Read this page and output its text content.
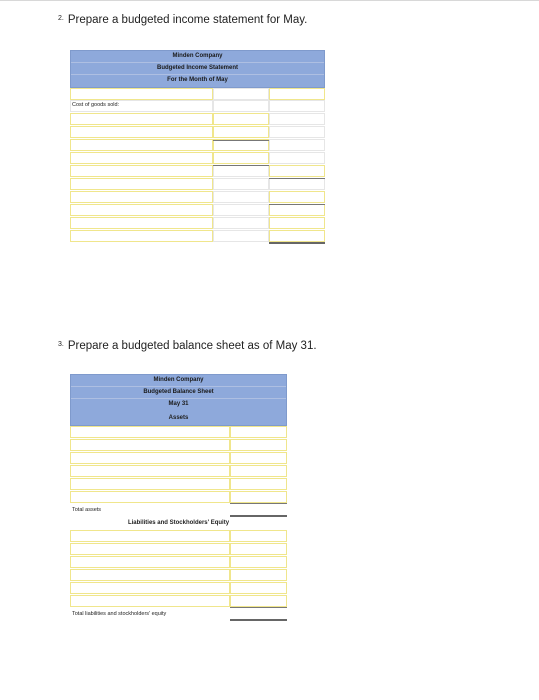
$^{2.}$ Prepare a budgeted income statement for May.
Minden Company
Budgeted Income Statement
For the Month of May
Cost of goods sold:
$^{3.}$ Prepare a budgeted balance sheet as of May 31.
Minden Company
Budgeted Balance Sheet
May 31
Assets
Total assets
Liabilities and Stockholders' Equity
Total liabilities and stockholders' equity
